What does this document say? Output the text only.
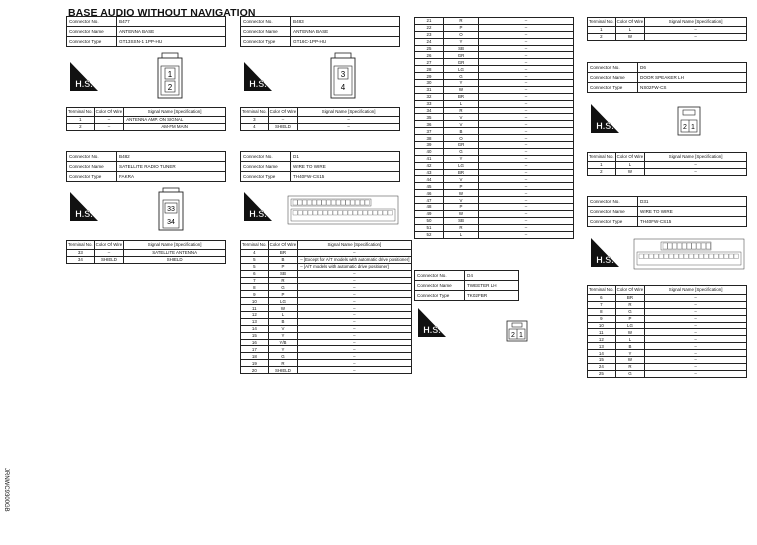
BASE AUDIO WITHOUT NAVIGATION
Connector No.	B477
Connector Name	ANTENNA BASE
Connector Type	GT13SSN-1 1PP-HU
1
2
Terminal No.	Color Of Wire	Signal Name [Specification]
1	–	ANTENNA AMP. ON SIGNAL
2	–	AM-FM MAIN
Connector No.	B482
Connector Name	SATELLITE RADIO TUNER
Connector Type	FAKRA
33
34
Terminal No.	Color Of Wire	Signal Name [Specification]
33	–	SATELLITE ANTENNA
34	SHIELD	SHIELD
Connector No.	B483
Connector Name	ANTENNA BASE
Connector Type	GT16C-1PP-HU
3
4
Terminal No.	Color Of Wire	Signal Name [Specification]
3	–	–
4	SHIELD	–
Connector No.	D1
Connector Name	WIRE TO WIRE
Connector Type	TH40FW-CS15
Terminal No.	Color Of Wire	Signal Name [Specification]
4	BR	–
5	B	– [Except for A/T models with automatic drive positioner]
5	P	– [A/T models with automatic drive positioner]
6	SB	–
7	R	–
8	G	–
9	P	–
10	LG	–
11	W	–
12	L	–
13	B	–
14	V	–
15	Y	–
16	Y/B	–
17	Y	–
18	G	–
19	R	–
20	SHIELD	–
21	R	–
22	P	–
23	O	–
24	Y	–
25	SB	–
26	GR	–
27	GR	–
28	LG	–
29	G	–
30	Y	–
31	W	–
32	BR	–
33	L	–
34	R	–
35	V	–
36	V	–
37	B	–
38	O	–
39	GR	–
40	G	–
41	Y	–
42	LG	–
43	BR	–
44	V	–
45	P	–
46	W	–
47	V	–
48	P	–
49	W	–
50	SB	–
51	R	–
52	L	–
Connector No.	D4
Connector Name	TWEETER LH
Connector Type	TK02FBR
2 1
Terminal No.	Color Of Wire	Signal Name [Specification]
1	L	–
2	W	–
Connector No.	D6
Connector Name	DOOR SPEAKER LH
Connector Type	NS02FW-CS
2 1
Terminal No.	Color Of Wire	Signal Name [Specification]
1	L	–
2	W	–
Connector No.	D31
Connector Name	WIRE TO WIRE
Connector Type	TH40FW-CS15
Terminal No.	Color Of Wire	Signal Name [Specification]
6	BR	–
7	R	–
8	G	–
9	P	–
10	LG	–
11	W	–
12	L	–
13	B	–
14	Y	–
15	W	–
24	R	–
25	G	–
JRNWC9300GB
